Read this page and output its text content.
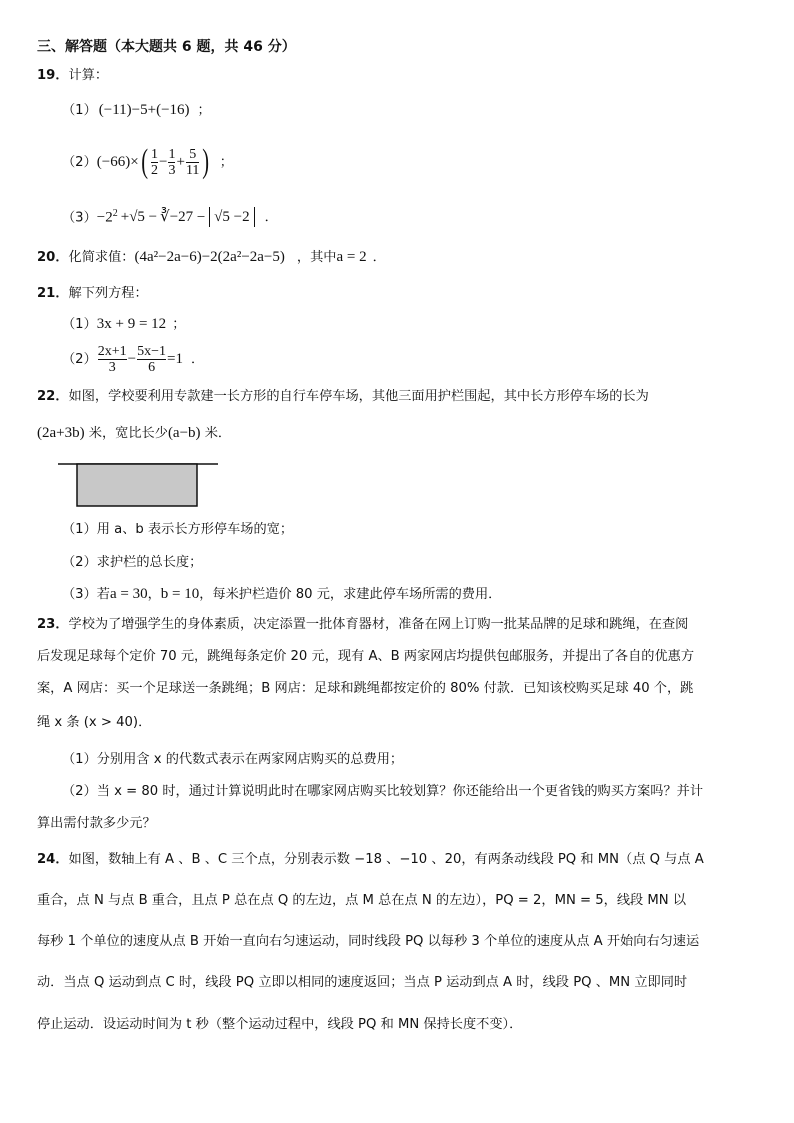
三、解答题（本大题共 6 题，共 46 分）
19．计算：
（1） (−11)−5+(−16) ；
$(2)(-66)\times( \frac{1}{2} - \frac{1}{3} + \frac{5}{11}$ ) ；
$(3)-2^2 +√5$ − ∛−27 − √5 −2 ．
20．化简求值：(4a²−2a−6)−2(2a²−2a−5) ，其中a = 2 ．
21．解下列方程：
（1）3x + 9 = 12 ；
$(2) \frac{2x+1}{3} - \frac{5x-1}{6} =1$ ．
22．如图，学校要利用专款建一长方形的自行车停车场，其他三面用护栏围起，其中长方形停车场的长为
(2a+3b) 米，宽比长少(a−b) 米．
（1）用 a、b 表示长方形停车场的宽；
（2）求护栏的总长度；
（3）若a = 30，b = 10，每米护栏造价 80 元，求建此停车场所需的费用．
23．学校为了增强学生的身体素质，决定添置一批体育器材，准备在网上订购一批某品牌的足球和跳绳，在查阅
后发现足球每个定价 70 元，跳绳每条定价 20 元，现有 A、B 两家网店均提供包邮服务，并提出了各自的优惠方
案，A 网店：买一个足球送一条跳绳；B 网店：足球和跳绳都按定价的 80% 付款．已知该校购买足球 40 个，跳
绳 x 条 (x > 40)．
（1）分别用含 x 的代数式表示在两家网店购买的总费用；
（2）当 x = 80 时，通过计算说明此时在哪家网店购买比较划算？你还能给出一个更省钱的购买方案吗？并计
算出需付款多少元？
24．如图，数轴上有 A 、B 、C 三个点，分别表示数 −18 、−10 、20，有两条动线段 PQ 和 MN（点 Q 与点 A
重合，点 N 与点 B 重合，且点 P 总在点 Q 的左边，点 M 总在点 N 的左边），PQ = 2，MN = 5，线段 MN 以
每秒 1 个单位的速度从点 B 开始一直向右匀速运动，同时线段 PQ 以每秒 3 个单位的速度从点 A 开始向右匀速运
动．当点 Q 运动到点 C 时，线段 PQ 立即以相同的速度返回；当点 P 运动到点 A 时，线段 PQ 、MN 立即同时
停止运动．设运动时间为 t 秒（整个运动过程中，线段 PQ 和 MN 保持长度不变）．
